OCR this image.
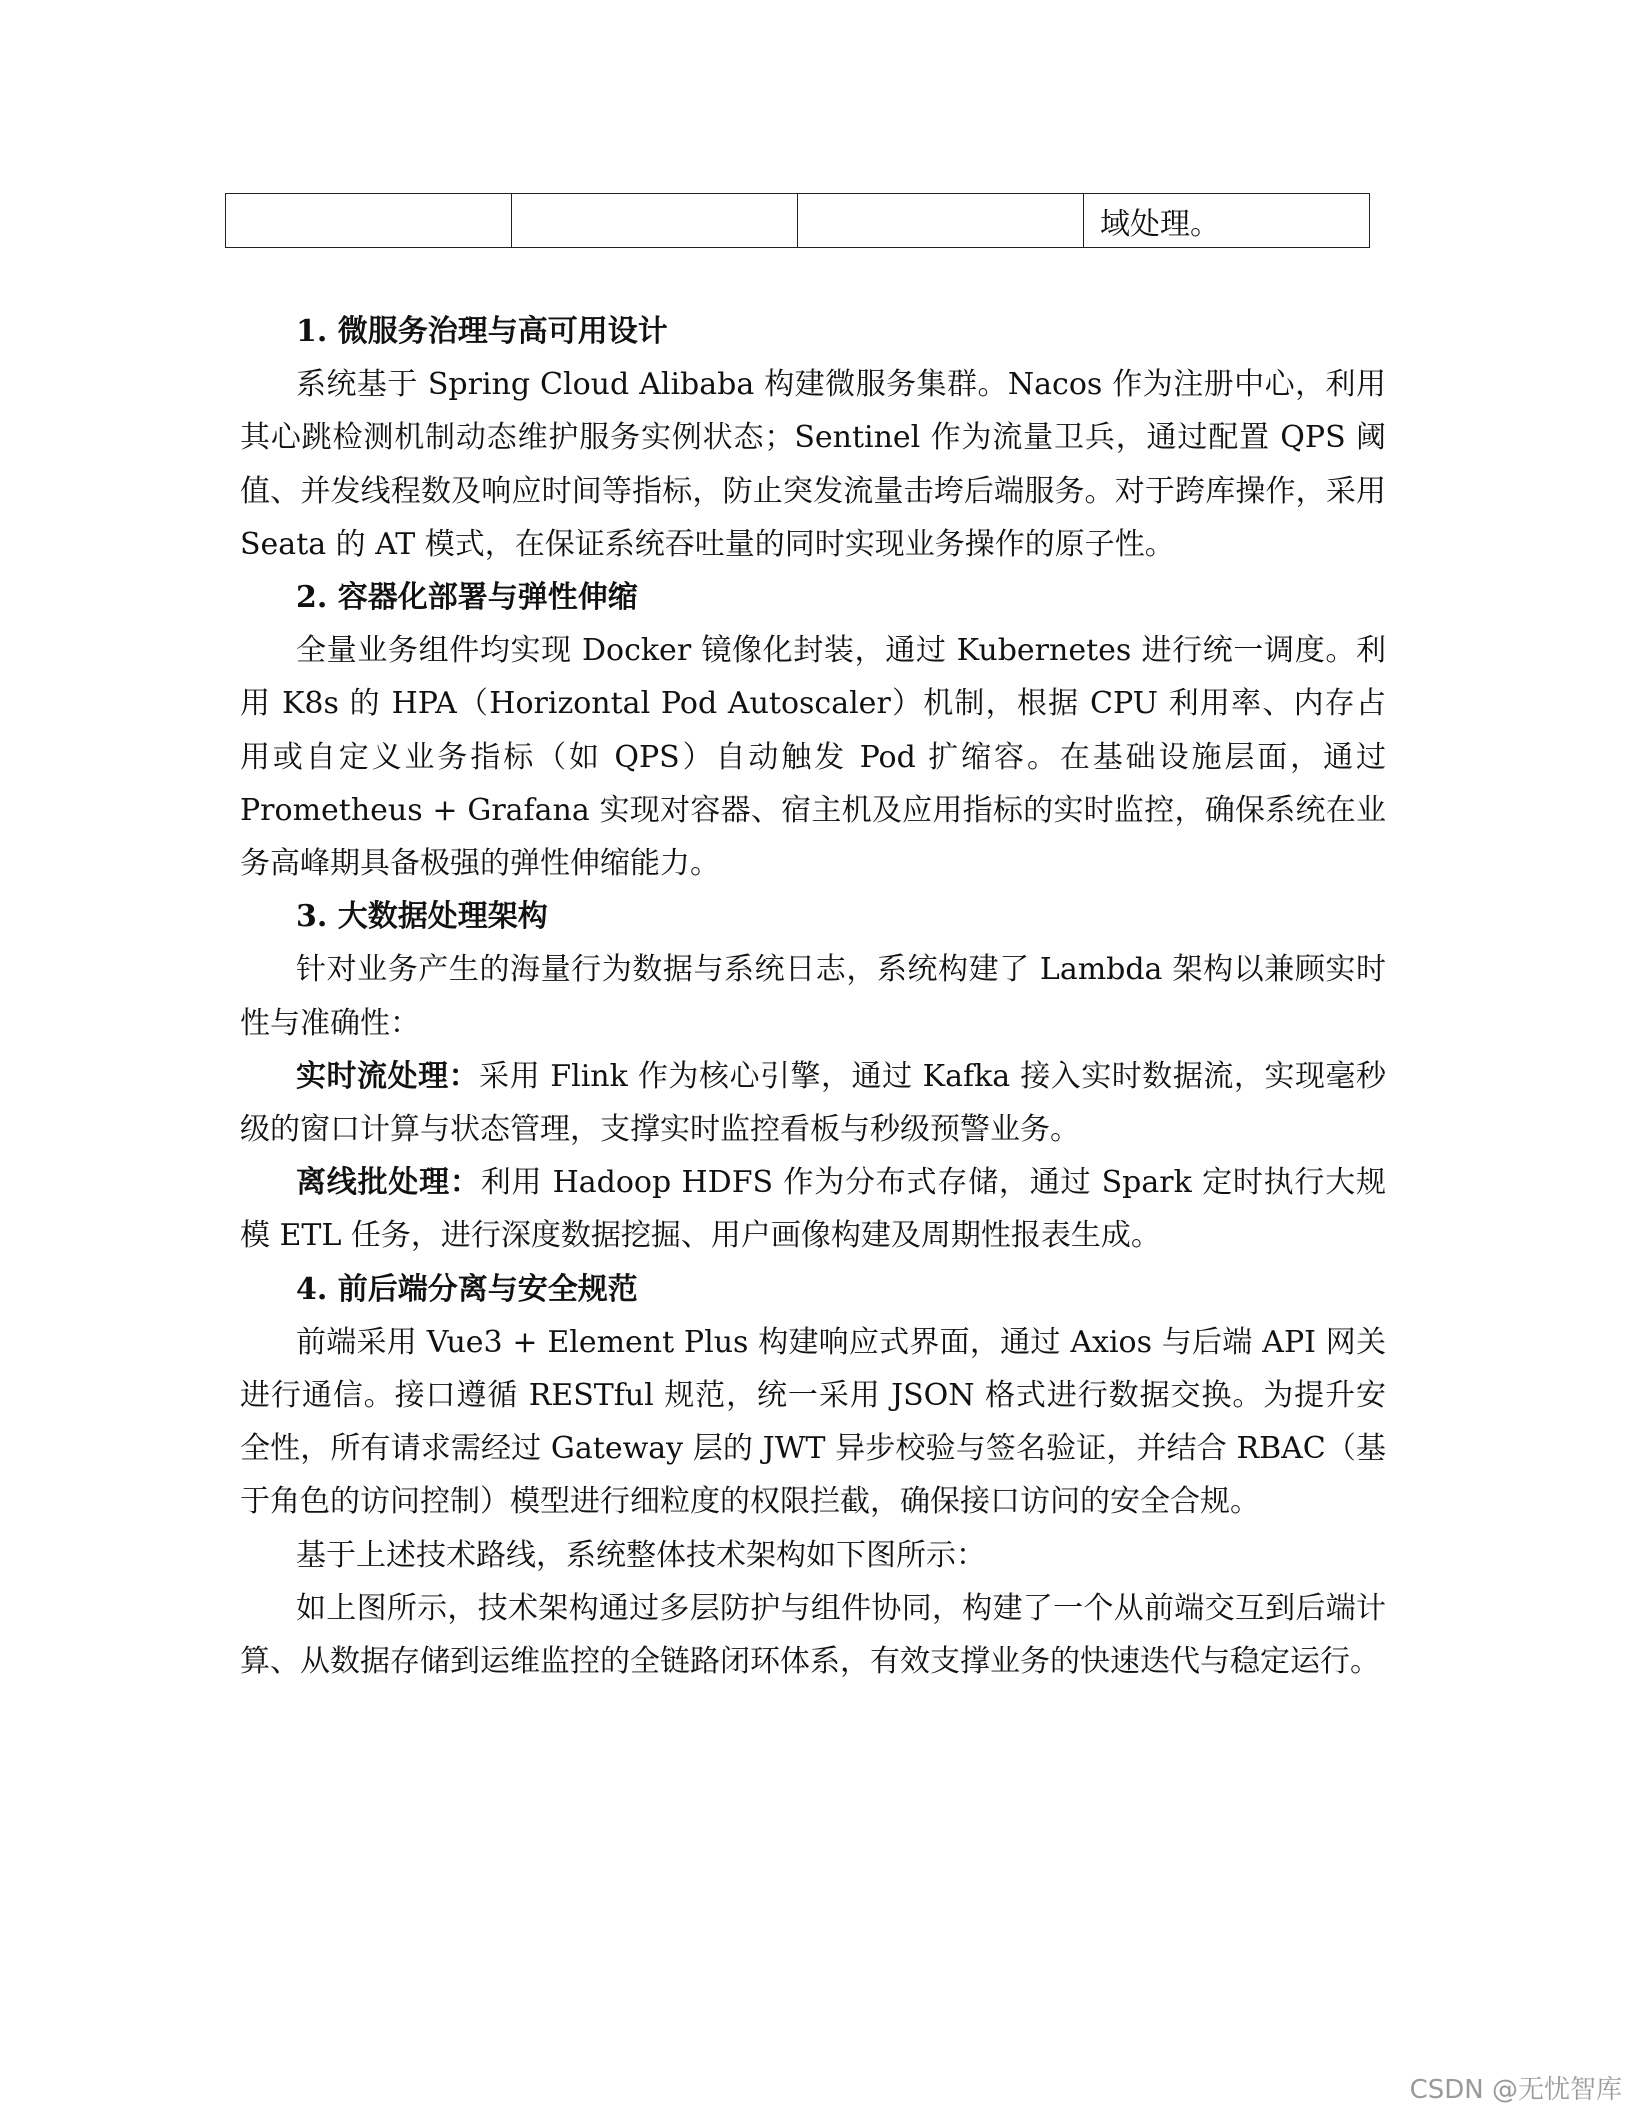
			域处理。
1. 微服务治理与高可用设计

系统基于 Spring Cloud Alibaba 构建微服务集群。Nacos 作为注册中心，利用其心跳检测机制动态维护服务实例状态；Sentinel 作为流量卫兵，通过配置 QPS 阈值、并发线程数及响应时间等指标，防止突发流量击垮后端服务。对于跨库操作，采用 Seata 的 AT 模式，在保证系统吞吐量的同时实现业务操作的原子性。

2. 容器化部署与弹性伸缩

全量业务组件均实现 Docker 镜像化封装，通过 Kubernetes 进行统一调度。利用 K8s 的 HPA（Horizontal Pod Autoscaler）机制，根据 CPU 利用率、内存占用或自定义业务指标（如 QPS）自动触发 Pod 扩缩容。在基础设施层面，通过 Prometheus + Grafana 实现对容器、宿主机及应用指标的实时监控，确保系统在业务高峰期具备极强的弹性伸缩能力。

3. 大数据处理架构

针对业务产生的海量行为数据与系统日志，系统构建了 Lambda 架构以兼顾实时性与准确性：

实时流处理：采用 Flink 作为核心引擎，通过 Kafka 接入实时数据流，实现毫秒级的窗口计算与状态管理，支撑实时监控看板与秒级预警业务。

离线批处理：利用 Hadoop HDFS 作为分布式存储，通过 Spark 定时执行大规模 ETL 任务，进行深度数据挖掘、用户画像构建及周期性报表生成。

4. 前后端分离与安全规范

前端采用 Vue3 + Element Plus 构建响应式界面，通过 Axios 与后端 API 网关进行通信。接口遵循 RESTful 规范，统一采用 JSON 格式进行数据交换。为提升安全性，所有请求需经过 Gateway 层的 JWT 异步校验与签名验证，并结合 RBAC（基于角色的访问控制）模型进行细粒度的权限拦截，确保接口访问的安全合规。

基于上述技术路线，系统整体技术架构如下图所示：

如上图所示，技术架构通过多层防护与组件协同，构建了一个从前端交互到后端计算、从数据存储到运维监控的全链路闭环体系，有效支撑业务的快速迭代与稳定运行。

CSDN @无忧智库
